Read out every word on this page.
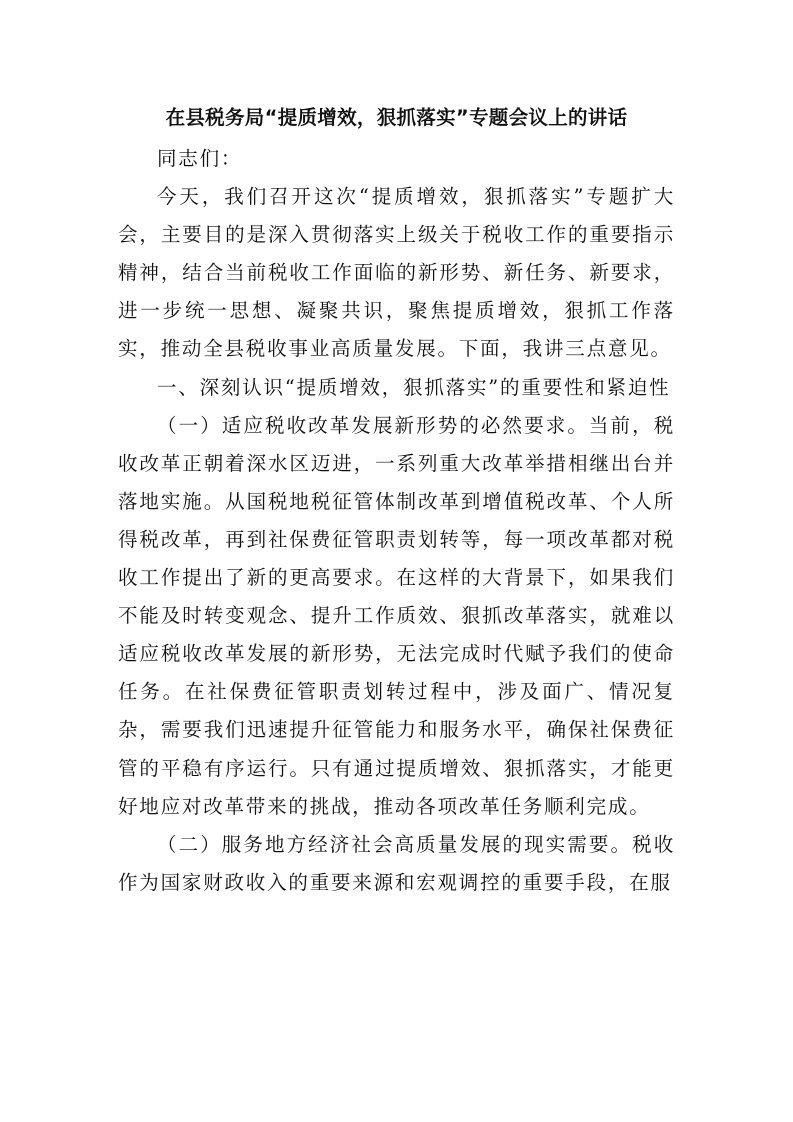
在县税务局“提质增效，狠抓落实”专题会议上的讲话

同志们：

今天，我们召开这次“提质增效，狠抓落实”专题扩大会，主要目的是深入贯彻落实上级关于税收工作的重要指示精神，结合当前税收工作面临的新形势、新任务、新要求，进一步统一思想、凝聚共识，聚焦提质增效，狠抓工作落实，推动全县税收事业高质量发展。下面，我讲三点意见。

一、深刻认识“提质增效，狠抓落实”的重要性和紧迫性

（一）适应税收改革发展新形势的必然要求。当前，税收改革正朝着深水区迈进，一系列重大改革举措相继出台并落地实施。从国税地税征管体制改革到增值税改革、个人所得税改革，再到社保费征管职责划转等，每一项改革都对税收工作提出了新的更高要求。在这样的大背景下，如果我们不能及时转变观念、提升工作质效、狠抓改革落实，就难以适应税收改革发展的新形势，无法完成时代赋予我们的使命任务。在社保费征管职责划转过程中，涉及面广、情况复杂，需要我们迅速提升征管能力和服务水平，确保社保费征管的平稳有序运行。只有通过提质增效、狠抓落实，才能更好地应对改革带来的挑战，推动各项改革任务顺利完成。

（二）服务地方经济社会高质量发展的现实需要。税收作为国家财政收入的重要来源和宏观调控的重要手段，在服
